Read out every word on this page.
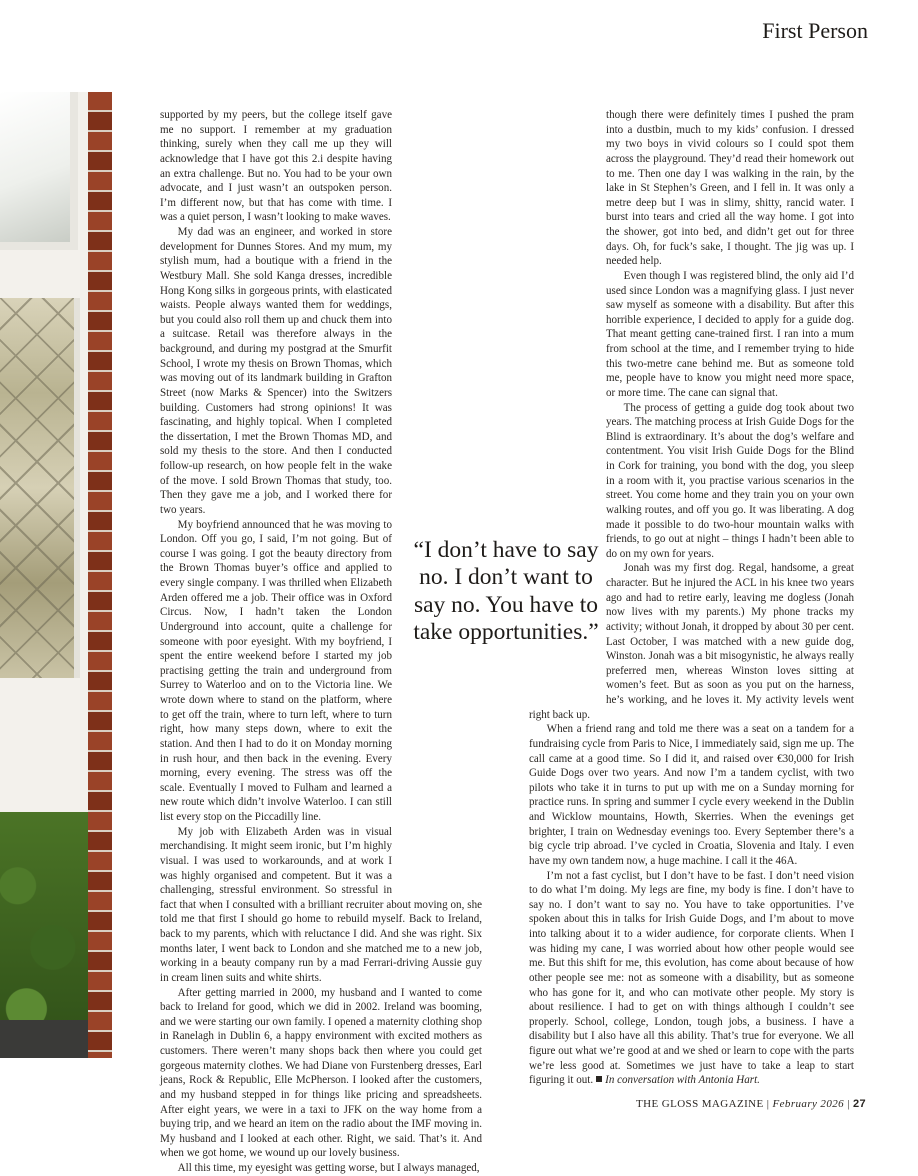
First Person

supported by my peers, but the college itself gave me no support. I remember at my graduation thinking, surely when they call me up they will acknowledge that I have got this 2.i despite having an extra challenge. But no. You had to be your own advocate, and I just wasn’t an outspoken person. I’m different now, but that has come with time. I was a quiet person, I wasn’t looking to make waves.

My dad was an engineer, and worked in store development for Dunnes Stores. And my mum, my stylish mum, had a boutique with a friend in the Westbury Mall. She sold Kanga dresses, incredible Hong Kong silks in gorgeous prints, with elasticated waists. People always wanted them for weddings, but you could also roll them up and chuck them into a suitcase. Retail was therefore always in the background, and during my postgrad at the Smurfit School, I wrote my thesis on Brown Thomas, which was moving out of its landmark building in Grafton Street (now Marks & Spencer) into the Switzers building. Customers had strong opinions! It was fascinating, and highly topical. When I completed the dissertation, I met the Brown Thomas MD, and sold my thesis to the store. And then I conducted follow-up research, on how people felt in the wake of the move. I sold Brown Thomas that study, too. Then they gave me a job, and I worked there for two years.

My boyfriend announced that he was moving to London. Off you go, I said, I’m not going. But of course I was going. I got the beauty directory from the Brown Thomas buyer’s office and applied to every single company. I was thrilled when Elizabeth Arden offered me a job. Their office was in Oxford Circus. Now, I hadn’t taken the London Underground into account, quite a challenge for someone with poor eyesight. With my boyfriend, I spent the entire weekend before I started my job practising getting the train and underground from Surrey to Waterloo and on to the Victoria line. We wrote down where to stand on the platform, where to get off the train, where to turn left, where to turn right, how many steps down, where to exit the station. And then I had to do it on Monday morning in rush hour, and then back in the evening. Every morning, every evening. The stress was off the scale. Eventually I moved to Fulham and learned a new route which didn’t involve Waterloo. I can still list every stop on the Piccadilly line.

My job with Elizabeth Arden was in visual merchandising. It might seem ironic, but I’m highly visual. I was used to workarounds, and at work I was highly organised and competent. But it was a challenging, stressful environment. So stressful in fact that when I consulted with a brilliant recruiter about moving on, she told me that first I should go home to rebuild myself. Back to Ireland, back to my parents, which with reluctance I did. And she was right. Six months later, I went back to London and she matched me to a new job, working in a beauty company run by a mad Ferrari-driving Aussie guy in cream linen suits and white shirts.

After getting married in 2000, my husband and I wanted to come back to Ireland for good, which we did in 2002. Ireland was booming, and we were starting our own family. I opened a maternity clothing shop in Ranelagh in Dublin 6, a happy environment with excited mothers as customers. There weren’t many shops back then where you could get gorgeous maternity clothes. We had Diane von Furstenberg dresses, Earl jeans, Rock & Republic, Elle McPherson. I looked after the customers, and my husband stepped in for things like pricing and spreadsheets. After eight years, we were in a taxi to JFK on the way home from a buying trip, and we heard an item on the radio about the IMF moving in. My husband and I looked at each other. Right, we said. That’s it. And when we got home, we wound up our lovely business.

All this time, my eyesight was getting worse, but I always managed,

though there were definitely times I pushed the pram into a dustbin, much to my kids’ confusion. I dressed my two boys in vivid colours so I could spot them across the playground. They’d read their homework out to me. Then one day I was walking in the rain, by the lake in St Stephen’s Green, and I fell in. It was only a metre deep but I was in slimy, shitty, rancid water. I burst into tears and cried all the way home. I got into the shower, got into bed, and didn’t get out for three days. Oh, for fuck’s sake, I thought. The jig was up. I needed help.

Even though I was registered blind, the only aid I’d used since London was a magnifying glass. I just never saw myself as someone with a disability. But after this horrible experience, I decided to apply for a guide dog. That meant getting cane-trained first. I ran into a mum from school at the time, and I remember trying to hide this two-metre cane behind me. But as someone told me, people have to know you might need more space, or more time. The cane can signal that.

The process of getting a guide dog took about two years. The matching process at Irish Guide Dogs for the Blind is extraordinary. It’s about the dog’s welfare and contentment. You visit Irish Guide Dogs for the Blind in Cork for training, you bond with the dog, you sleep in a room with it, you practise various scenarios in the street. You come home and they train you on your own walking routes, and off you go. It was liberating. A dog made it possible to do two-hour mountain walks with friends, to go out at night – things I hadn’t been able to do on my own for years.

Jonah was my first dog. Regal, handsome, a great character. But he injured the ACL in his knee two years ago and had to retire early, leaving me dogless (Jonah now lives with my parents.) My phone tracks my activity; without Jonah, it dropped by about 30 per cent. Last October, I was matched with a new guide dog, Winston. Jonah was a bit misogynistic, he always really preferred men, whereas Winston loves sitting at women’s feet. But as soon as you put on the harness, he’s working, and he loves it. My activity levels went right back up.

When a friend rang and told me there was a seat on a tandem for a fundraising cycle from Paris to Nice, I immediately said, sign me up. The call came at a good time. So I did it, and raised over €30,000 for Irish Guide Dogs over two years. And now I’m a tandem cyclist, with two pilots who take it in turns to put up with me on a Sunday morning for practice runs. In spring and summer I cycle every weekend in the Dublin and Wicklow mountains, Howth, Skerries. When the evenings get brighter, I train on Wednesday evenings too. Every September there’s a big cycle trip abroad. I’ve cycled in Croatia, Slovenia and Italy. I even have my own tandem now, a huge machine. I call it the 46A.

I’m not a fast cyclist, but I don’t have to be fast. I don’t need vision to do what I’m doing. My legs are fine, my body is fine. I don’t have to say no. I don’t want to say no. You have to take opportunities. I’ve spoken about this in talks for Irish Guide Dogs, and I’m about to move into talking about it to a wider audience, for corporate clients. When I was hiding my cane, I was worried about how other people would see me. But this shift for me, this evolution, has come about because of how other people see me: not as someone with a disability, but as someone who has gone for it, and who can motivate other people. My story is about resilience. I had to get on with things although I couldn’t see properly. School, college, London, tough jobs, a business. I have a disability but I also have all this ability. That’s true for everyone. We all figure out what we’re good at and we shed or learn to cope with the parts we’re less good at. Sometimes we just have to take a leap to start figuring it out. In conversation with Antonia Hart.

“I don’t have to say no. I don’t want to say no. You have to take opportunities.”

THE GLOSS MAGAZINE | February 2026 | 27
